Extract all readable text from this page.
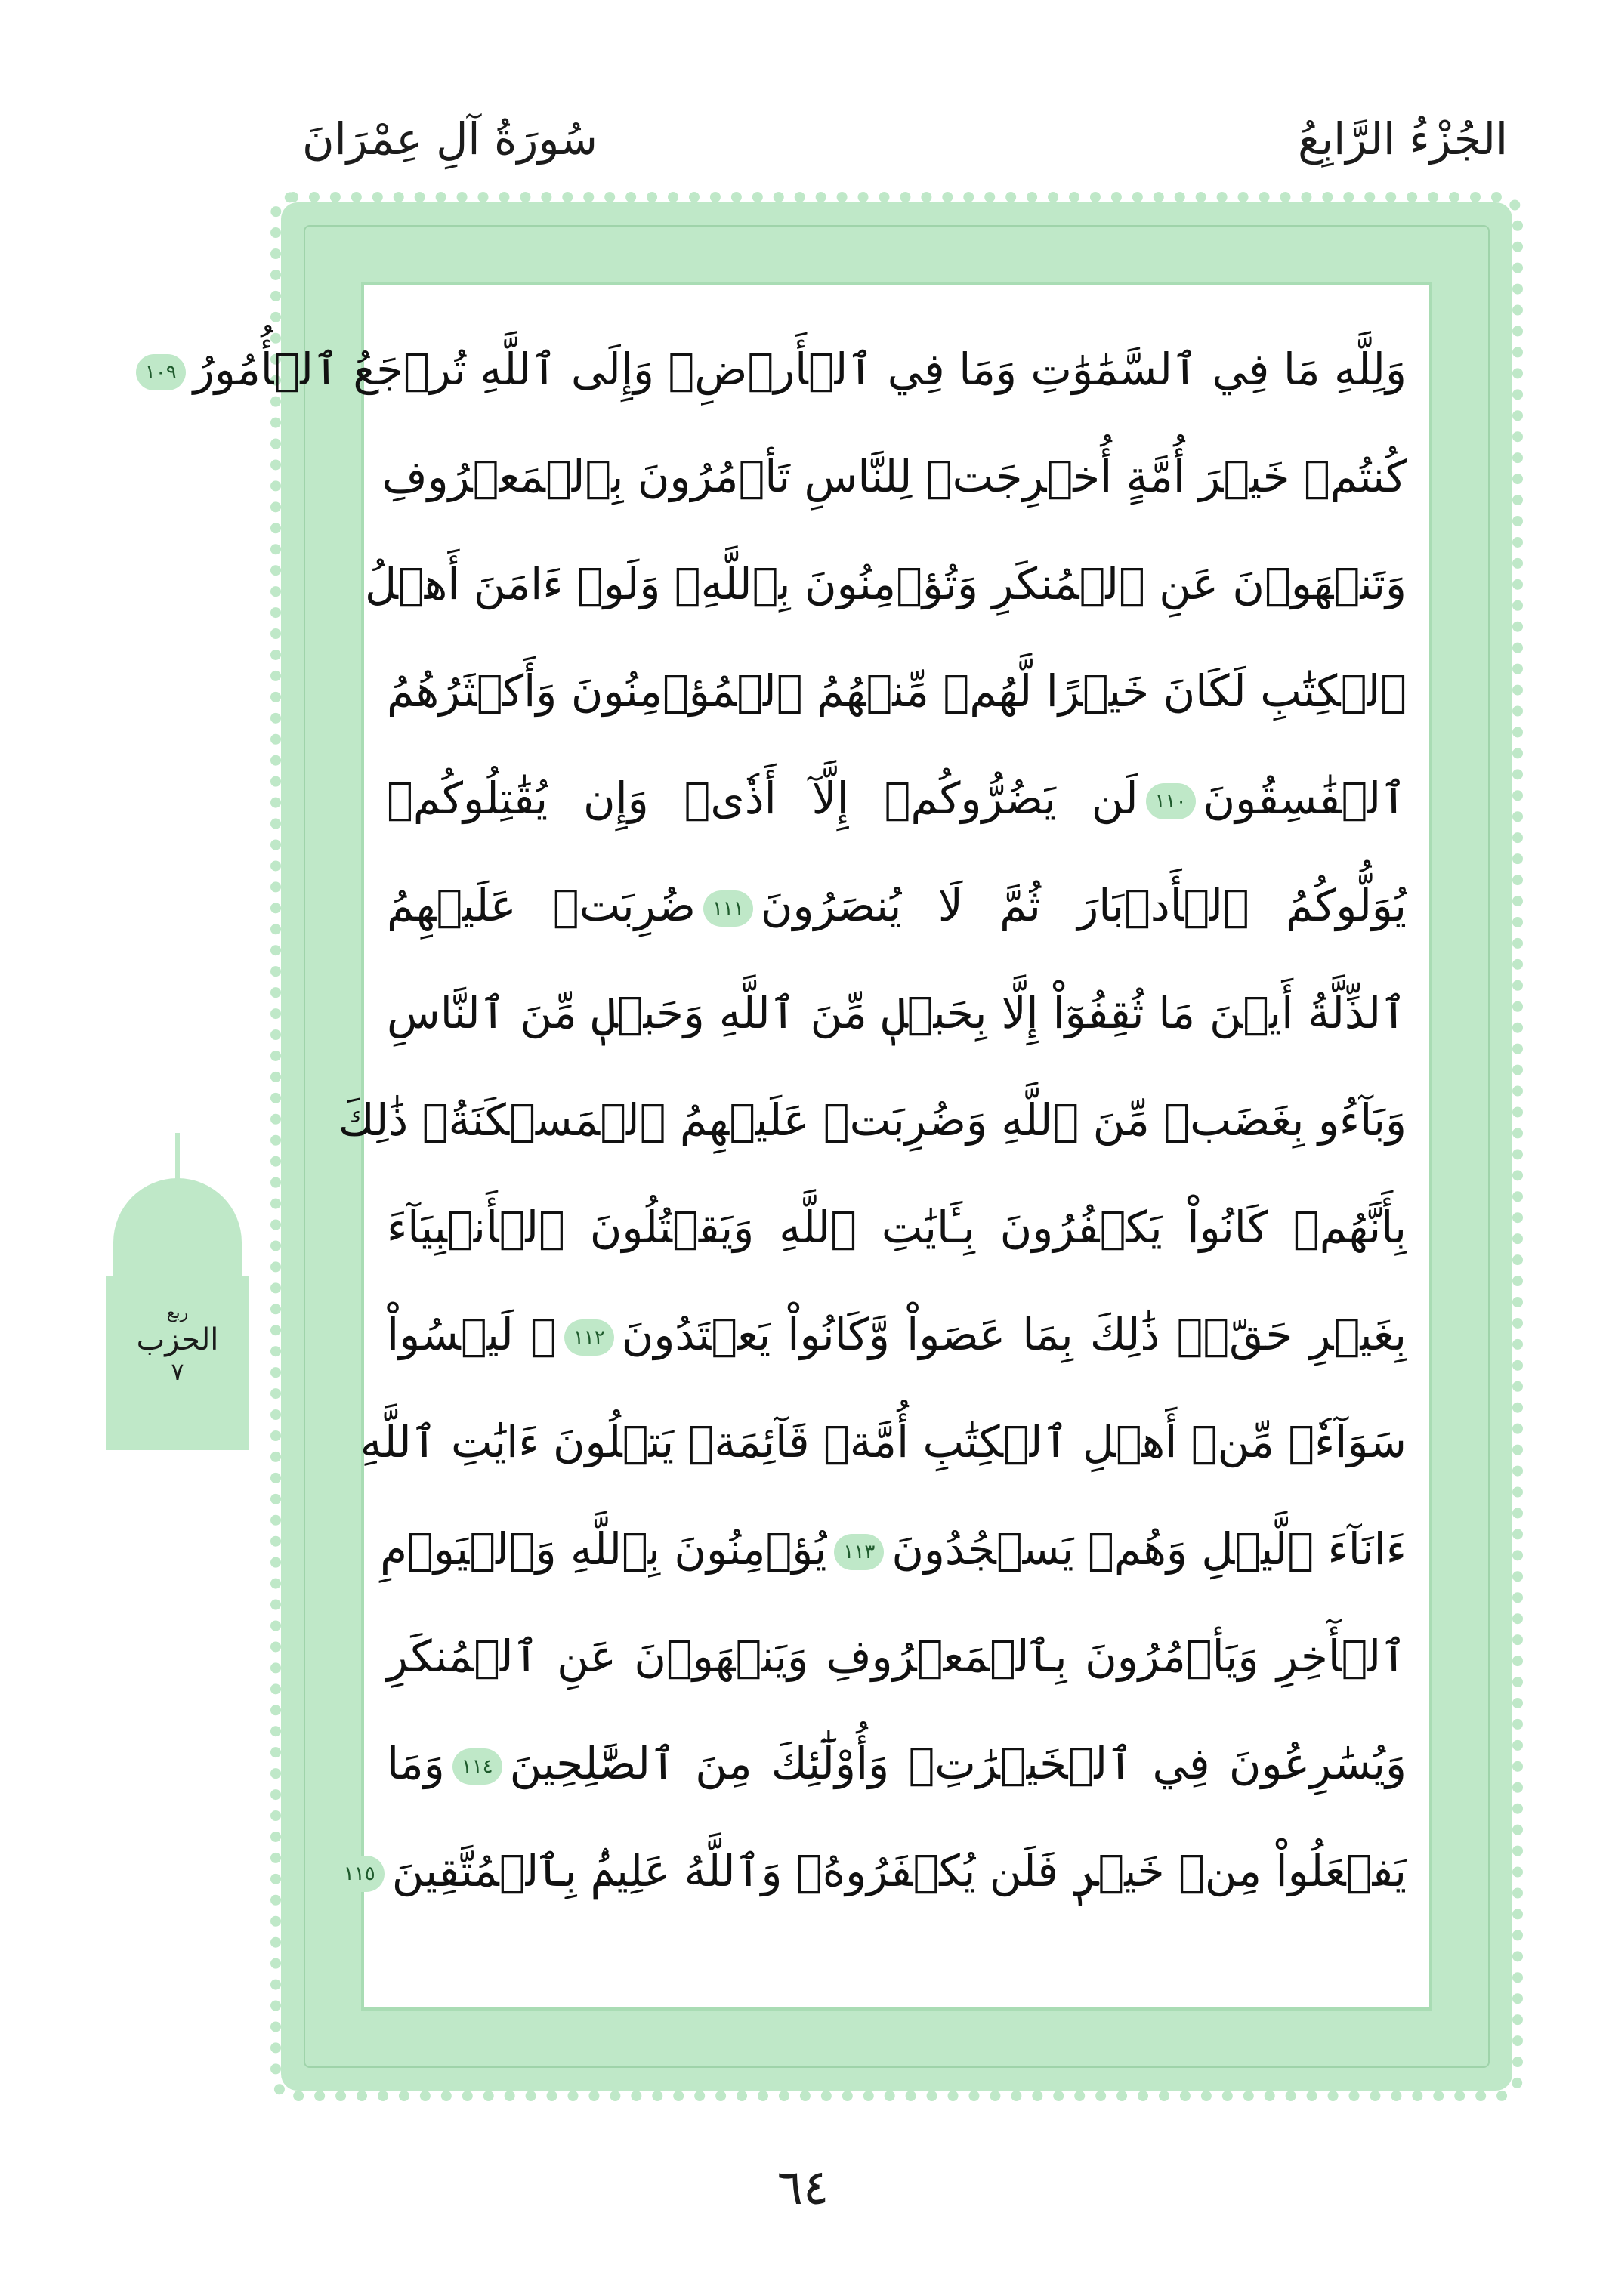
سُورَةُ آلِ عِمْرَانَ	الجُزْءُ الرَّابِعُ
وَلِلَّهِ مَا فِي ٱلسَّمَٰوَٰتِ وَمَا فِي ٱلۡأَرۡضِۚ وَإِلَى ٱللَّهِ تُرۡجَعُ ٱلۡأُمُورُ١٠٩
كُنتُمۡ خَيۡرَ أُمَّةٍ أُخۡرِجَتۡ لِلنَّاسِ تَأۡمُرُونَ بِٱلۡمَعۡرُوفِ
وَتَنۡهَوۡنَ عَنِ ٱلۡمُنكَرِ وَتُؤۡمِنُونَ بِٱللَّهِۗ وَلَوۡ ءَامَنَ أَهۡلُ
ٱلۡكِتَٰبِ لَكَانَ خَيۡرًا لَّهُمۚ مِّنۡهُمُ ٱلۡمُؤۡمِنُونَ وَأَكۡثَرُهُمُ
ٱلۡفَٰسِقُونَ١١٠لَن يَضُرُّوكُمۡ إِلَّآ أَذٗىۖ وَإِن يُقَٰتِلُوكُمۡ
يُوَلُّوكُمُ ٱلۡأَدۡبَارَ ثُمَّ لَا يُنصَرُونَ١١١ضُرِبَتۡ عَلَيۡهِمُ
ٱلذِّلَّةُ أَيۡنَ مَا ثُقِفُوٓاْ إِلَّا بِحَبۡلٖ مِّنَ ٱللَّهِ وَحَبۡلٖ مِّنَ ٱلنَّاسِ
وَبَآءُو بِغَضَبٖ مِّنَ ٱللَّهِ وَضُرِبَتۡ عَلَيۡهِمُ ٱلۡمَسۡكَنَةُۚ ذَٰلِكَ
بِأَنَّهُمۡ كَانُواْ يَكۡفُرُونَ بِـَٔايَٰتِ ٱللَّهِ وَيَقۡتُلُونَ ٱلۡأَنۢبِيَآءَ
بِغَيۡرِ حَقّٖۚ ذَٰلِكَ بِمَا عَصَواْ وَّكَانُواْ يَعۡتَدُونَ١١٢۞ لَيۡسُواْ
سَوَآءٗۗ مِّنۡ أَهۡلِ ٱلۡكِتَٰبِ أُمَّةٞ قَآئِمَةٞ يَتۡلُونَ ءَايَٰتِ ٱللَّهِ
ءَانَآءَ ٱلَّيۡلِ وَهُمۡ يَسۡجُدُونَ١١٣يُؤۡمِنُونَ بِٱللَّهِ وَٱلۡيَوۡمِ
ٱلۡأٓخِرِ وَيَأۡمُرُونَ بِٱلۡمَعۡرُوفِ وَيَنۡهَوۡنَ عَنِ ٱلۡمُنكَرِ
وَيُسَٰرِعُونَ فِي ٱلۡخَيۡرَٰتِۖ وَأُوْلَٰٓئِكَ مِنَ ٱلصَّٰلِحِينَ١١٤وَمَا
يَفۡعَلُواْ مِنۡ خَيۡرٖ فَلَن يُكۡفَرُوهُۗ وَٱللَّهُ عَلِيمُۢ بِٱلۡمُتَّقِينَ١١٥
ربع
الحزب
٧
٦٤
